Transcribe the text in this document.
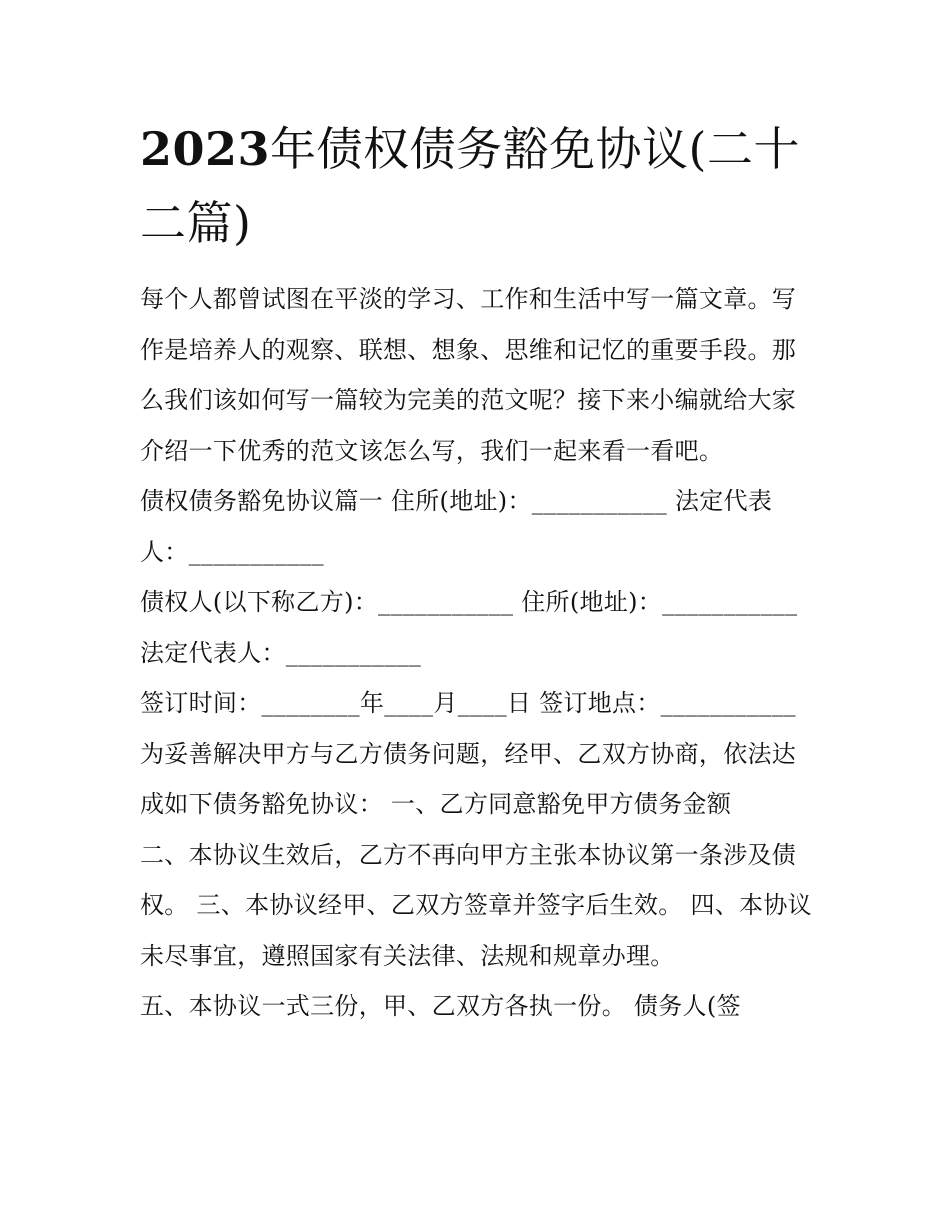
2023年债权债务豁免协议(二十二篇)

每个人都曾试图在平淡的学习、工作和生活中写一篇文章。写作是培养人的观察、联想、想象、思维和记忆的重要手段。那么我们该如何写一篇较为完美的范文呢？接下来小编就给大家介绍一下优秀的范文该怎么写，我们一起来看一看吧。

债权债务豁免协议篇一 住所(地址)：___________ 法定代表人：___________

债权人(以下称乙方)：___________ 住所(地址)：___________ 法定代表人：___________

签订时间：________年____月____日 签订地点：___________

为妥善解决甲方与乙方债务问题，经甲、乙双方协商，依法达成如下债务豁免协议： 一、乙方同意豁免甲方债务金额

二、本协议生效后，乙方不再向甲方主张本协议第一条涉及债权。 三、本协议经甲、乙双方签章并签字后生效。 四、本协议未尽事宜，遵照国家有关法律、法规和规章办理。

五、本协议一式三份，甲、乙双方各执一份。 债务人(签
